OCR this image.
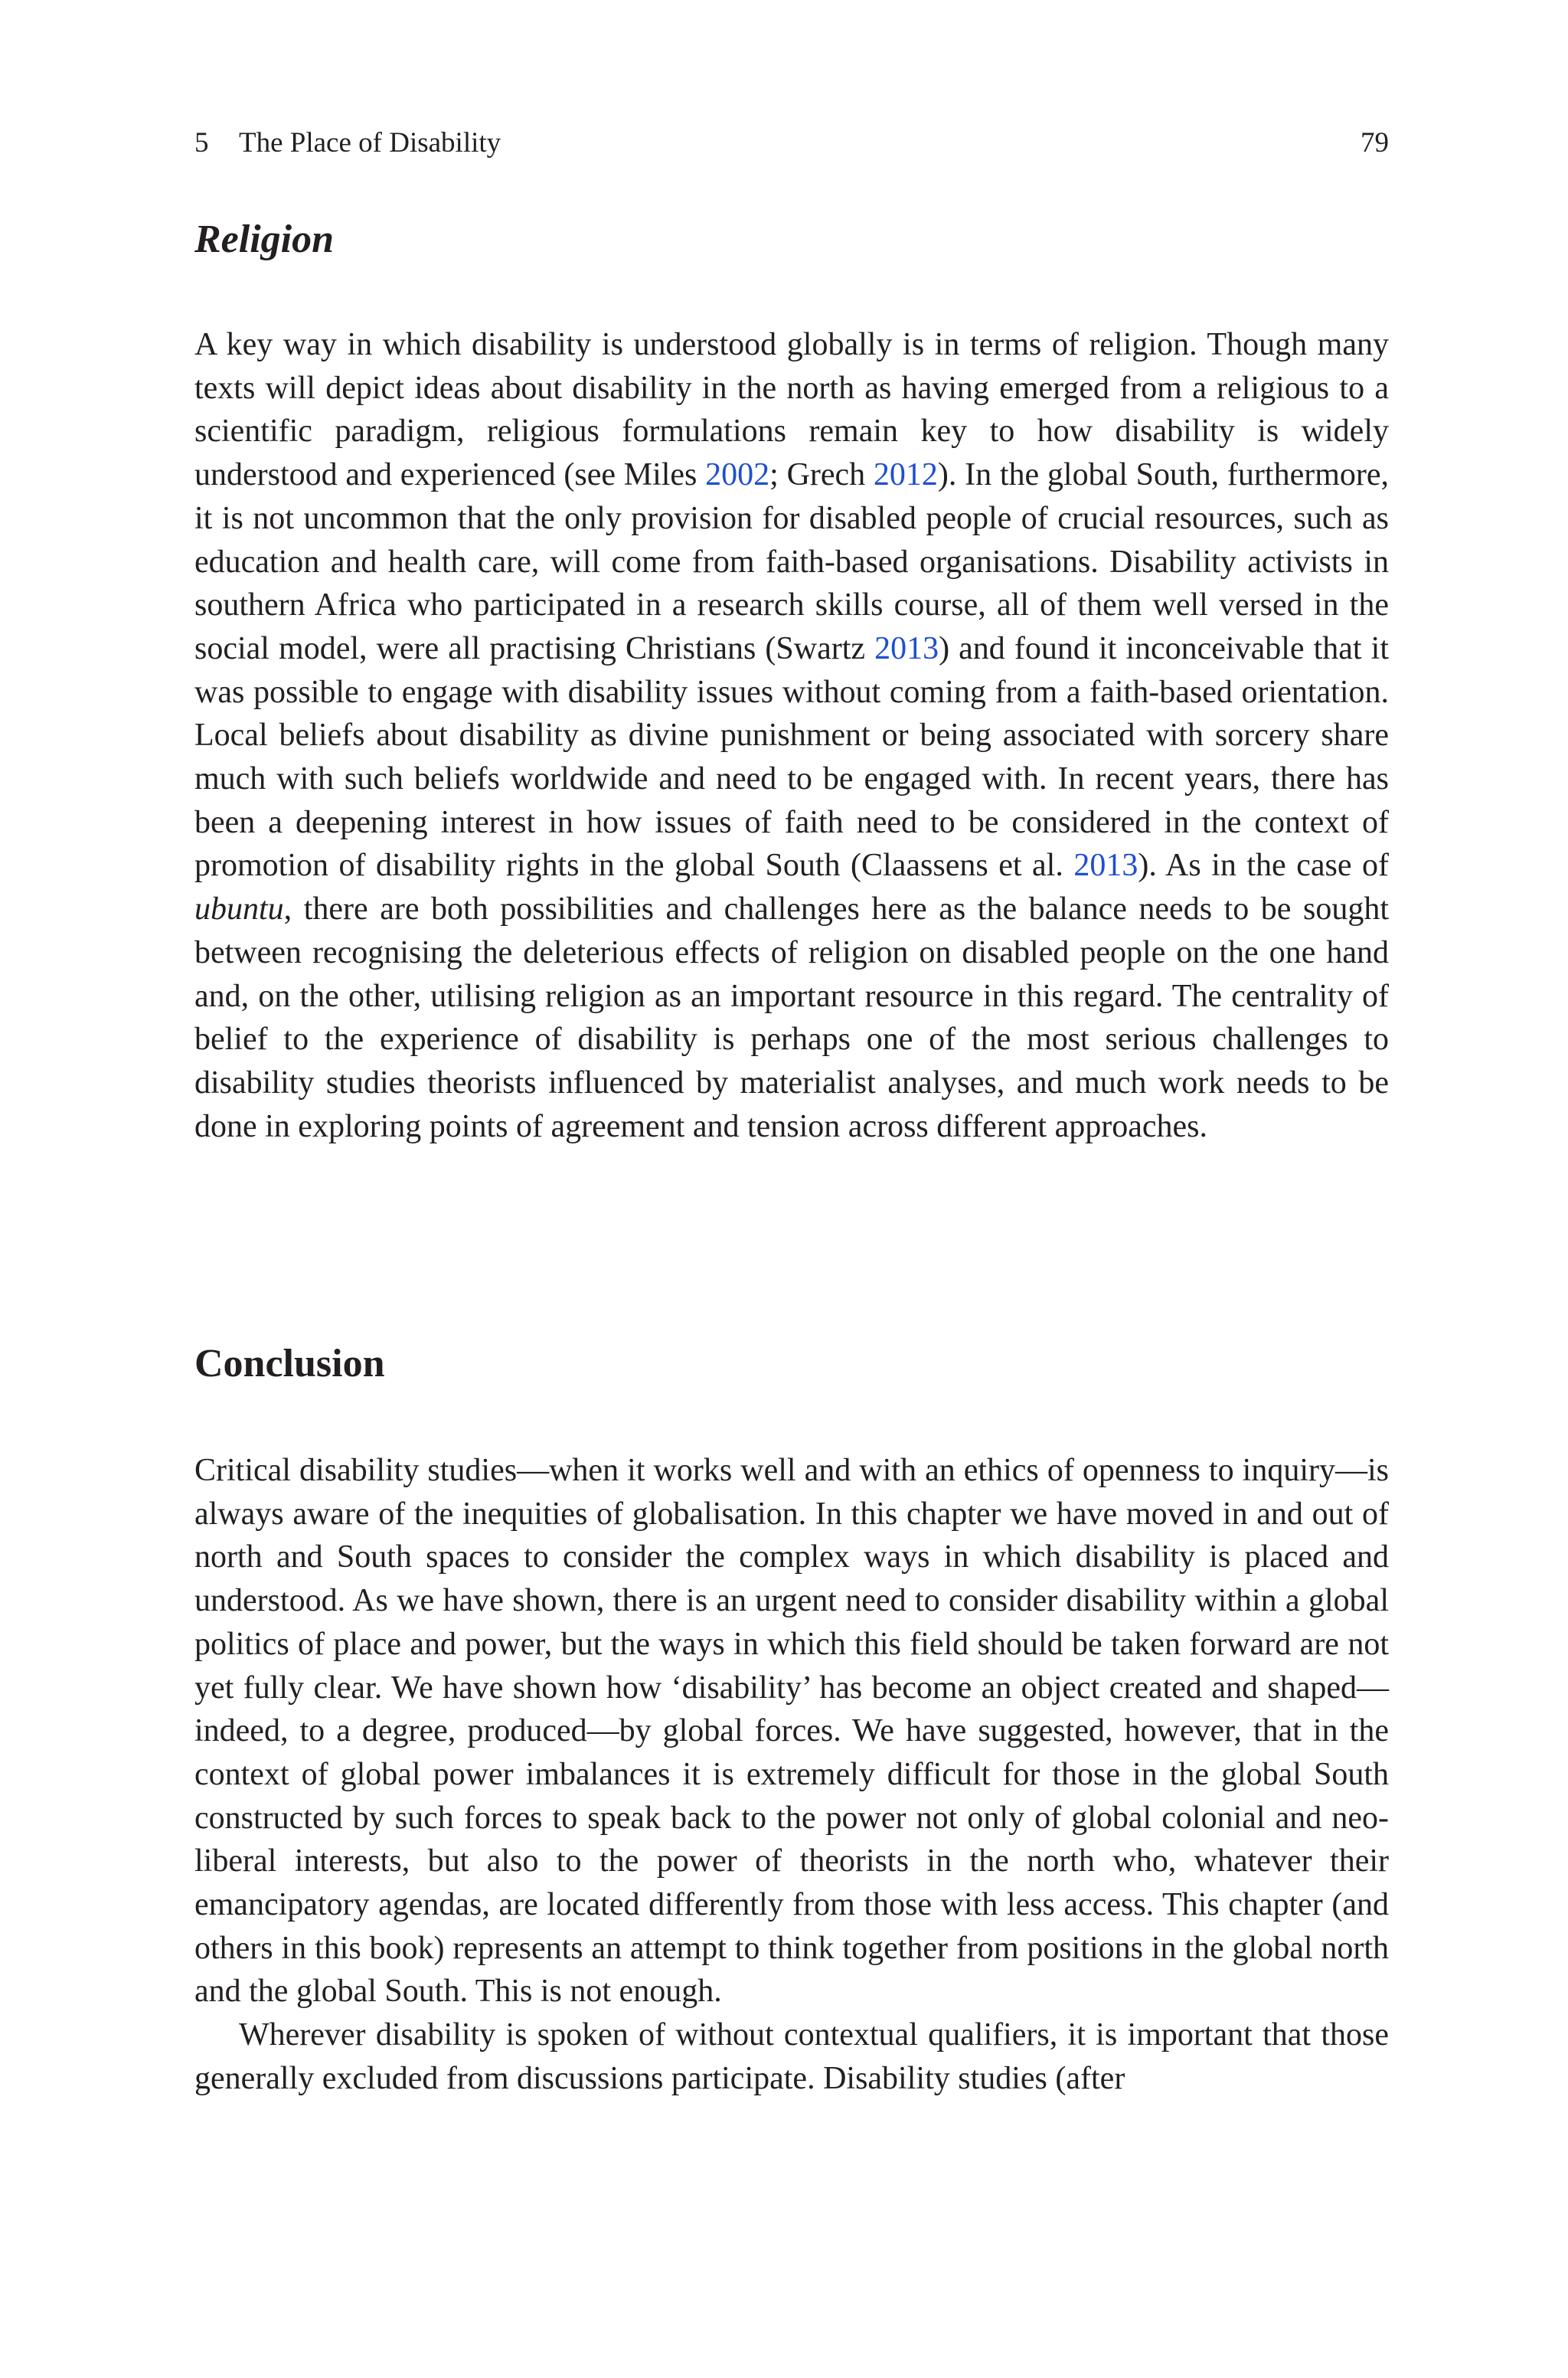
5 The Place of Disability	79
Religion

A key way in which disability is understood globally is in terms of religion. Though many texts will depict ideas about disability in the north as having emerged from a religious to a scientific paradigm, religious formulations remain key to how disability is widely understood and experienced (see Miles 2002; Grech 2012). In the global South, furthermore, it is not uncommon that the only provision for disabled people of crucial resources, such as education and health care, will come from faith-based organisations. Disability activists in southern Africa who participated in a research skills course, all of them well versed in the social model, were all practising Christians (Swartz 2013) and found it inconceivable that it was possible to engage with disability issues without coming from a faith-based orientation. Local beliefs about disability as divine punishment or being associated with sorcery share much with such beliefs worldwide and need to be engaged with. In recent years, there has been a deepening interest in how issues of faith need to be considered in the context of promotion of disability rights in the global South (Claassens et al. 2013). As in the case of ubuntu, there are both possibilities and challenges here as the balance needs to be sought between recognising the deleterious effects of religion on disabled people on the one hand and, on the other, utilising religion as an important resource in this regard. The centrality of belief to the experience of disability is perhaps one of the most serious challenges to disability studies theorists influenced by materialist analyses, and much work needs to be done in exploring points of agreement and tension across different approaches.

Conclusion

Critical disability studies—when it works well and with an ethics of openness to inquiry—is always aware of the inequities of globalisation. In this chapter we have moved in and out of north and South spaces to consider the complex ways in which disability is placed and understood. As we have shown, there is an urgent need to consider disability within a global politics of place and power, but the ways in which this field should be taken forward are not yet fully clear. We have shown how ‘disability’ has become an object created and shaped—indeed, to a degree, produced—by global forces. We have suggested, however, that in the context of global power imbalances it is extremely difficult for those in the global South constructed by such forces to speak back to the power not only of global colonial and neo-liberal interests, but also to the power of theorists in the north who, whatever their emancipatory agendas, are located differently from those with less access. This chapter (and others in this book) represents an attempt to think together from positions in the global north and the global South. This is not enough.

Wherever disability is spoken of without contextual qualifiers, it is important that those generally excluded from discussions participate. Disability studies (after
